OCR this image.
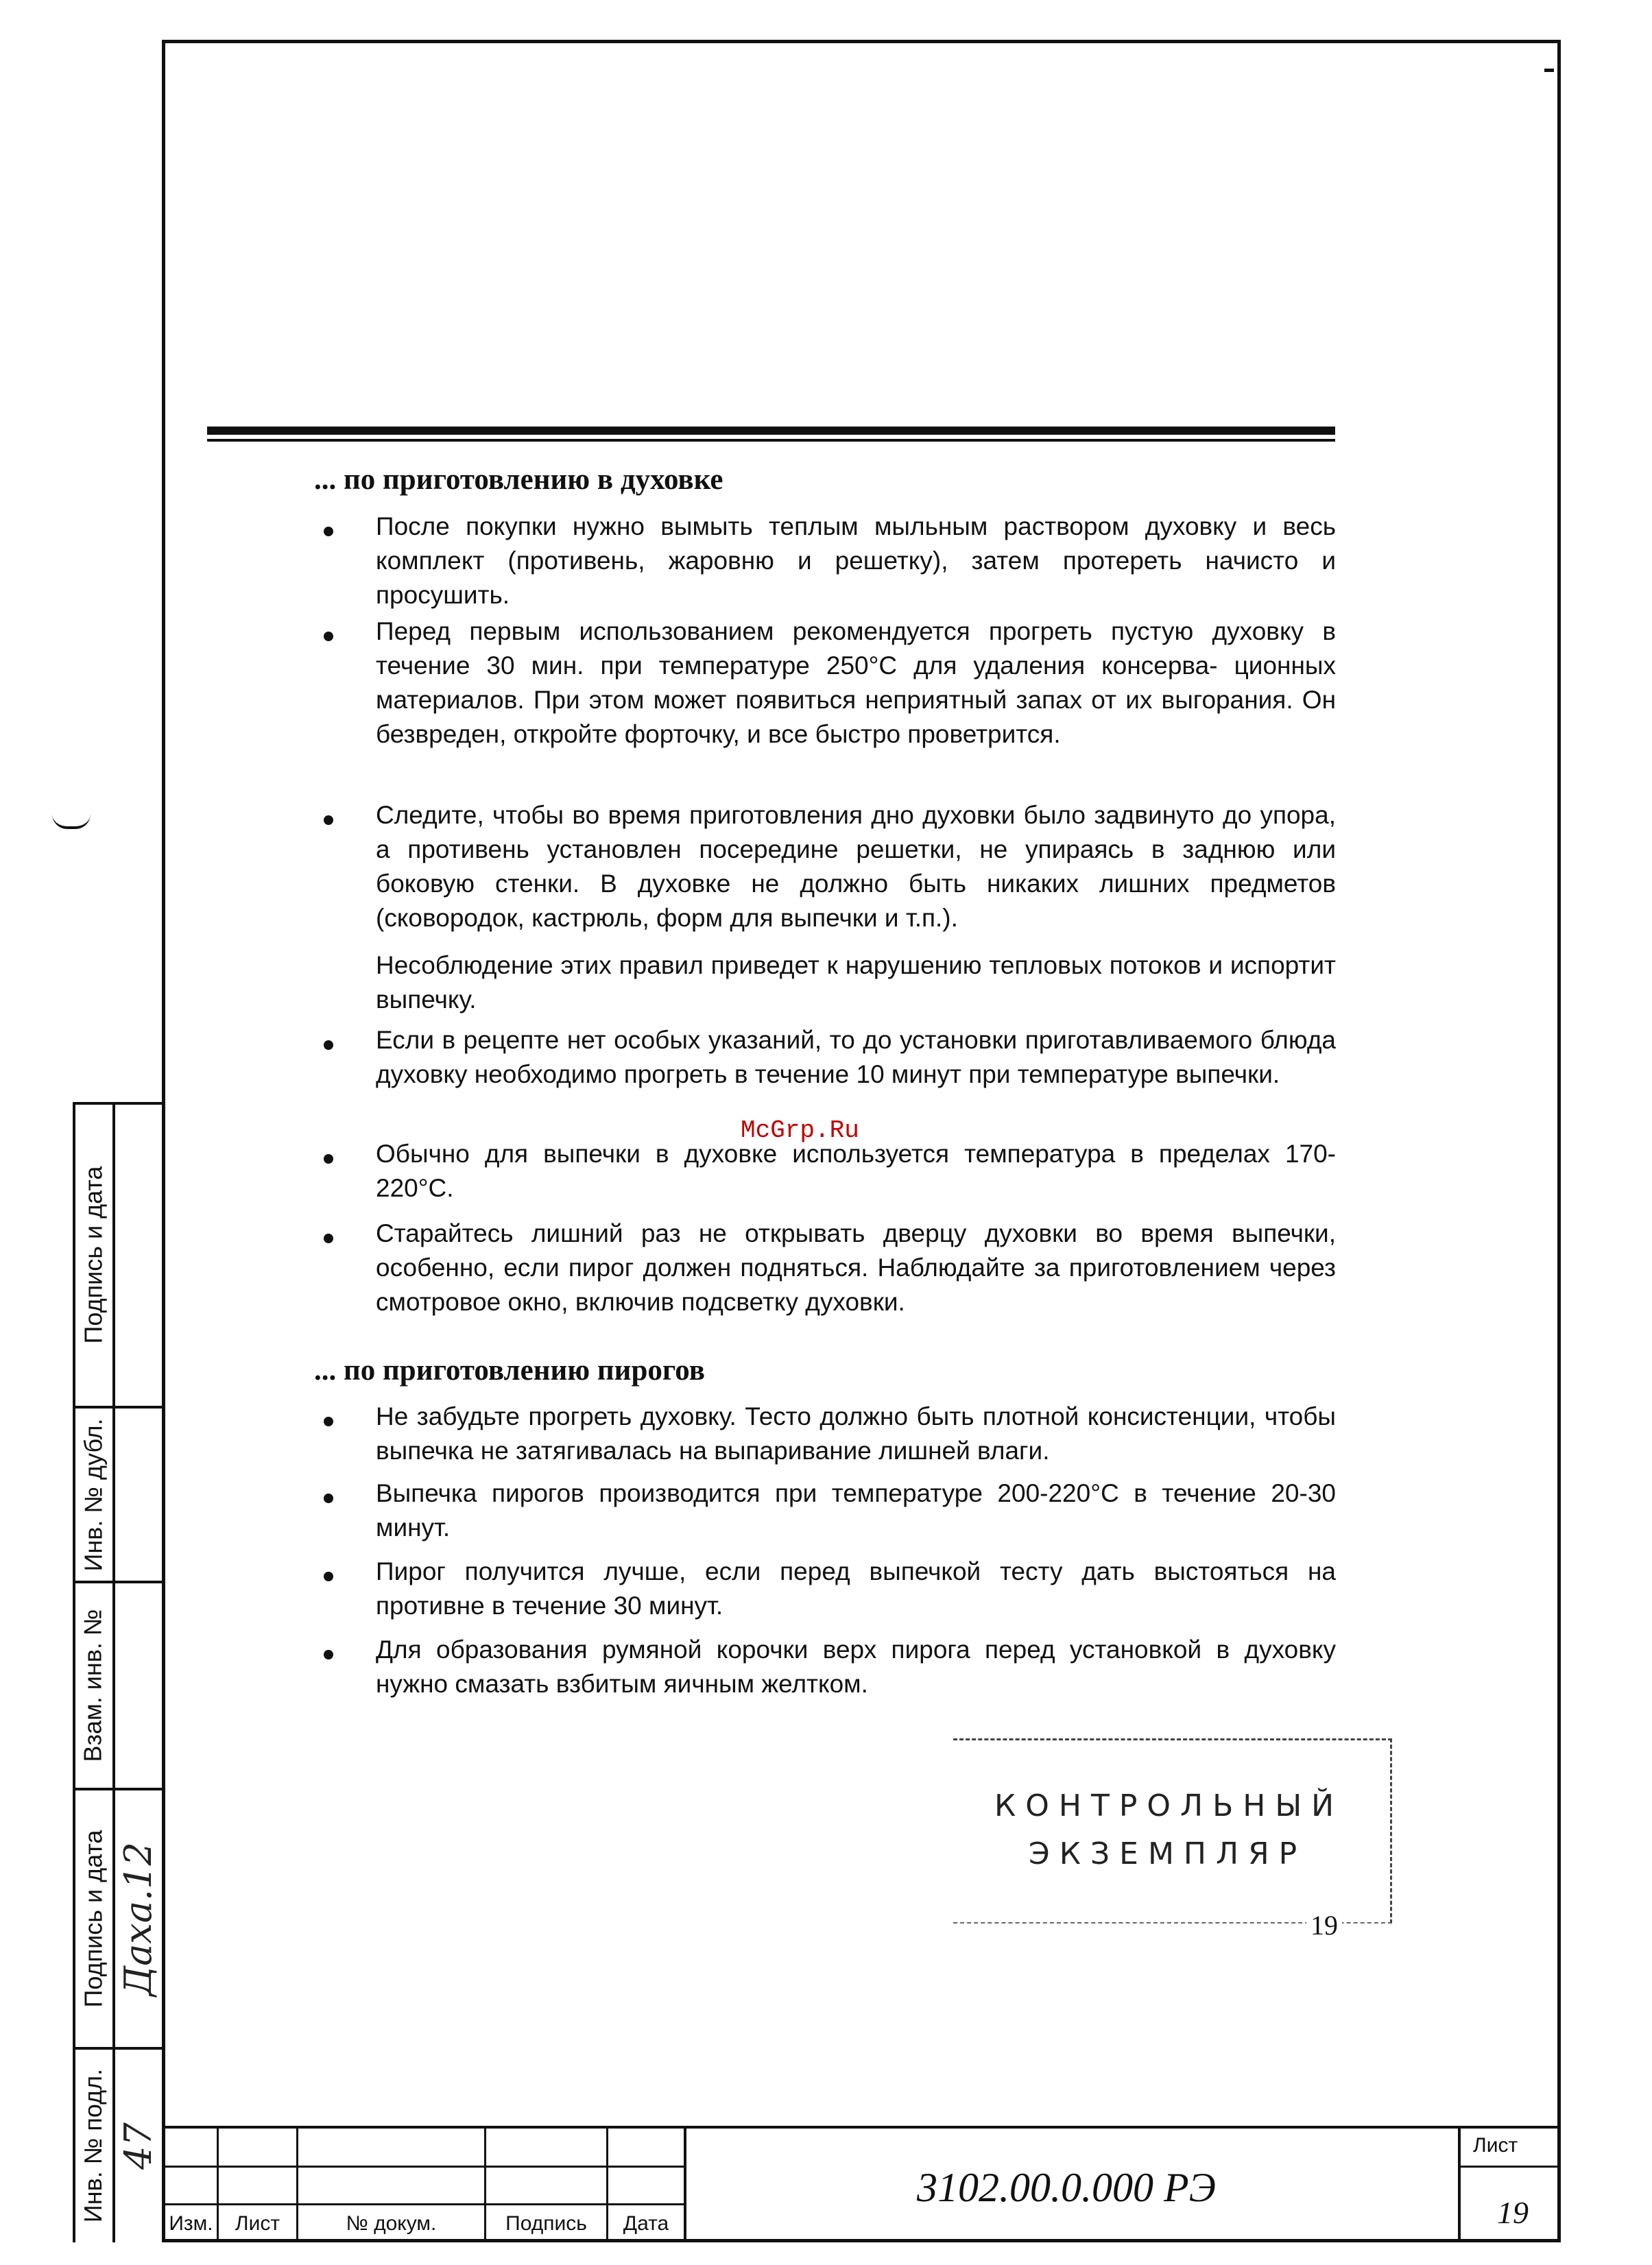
... по приготовлению в духовке

После покупки нужно вымыть теплым мыльным раствором духовку и весь комплект (противень, жаровню и решетку), затем протереть начисто и просушить.

Перед первым использованием рекомендуется прогреть пустую духовку в течение 30 мин. при температуре 250°С для удаления консерва- ционных материалов. При этом может появиться неприятный запах от их выгорания. Он безвреден, откройте форточку, и все быстро проветрится.

Следите, чтобы во время приготовления дно духовки было задвинуто до упора, а противень установлен посередине решетки, не упираясь в заднюю или боковую стенки. В духовке не должно быть никаких лишних предметов (сковородок, кастрюль, форм для выпечки и т.п.).

Несоблюдение этих правил приведет к нарушению тепловых потоков и испортит выпечку.

Если в рецепте нет особых указаний, то до установки приготавливаемого блюда духовку необходимо прогреть в течение 10 минут при температуре выпечки.

Обычно для выпечки в духовке используется температура в пределах 170-220°С.

Старайтесь лишний раз не открывать дверцу духовки во время выпечки, особенно, если пирог должен подняться. Наблюдайте за приготовлением через смотровое окно, включив подсветку духовки.

McGrp.Ru
... по приготовлению пирогов

Не забудьте прогреть духовку. Тесто должно быть плотной консистенции, чтобы выпечка не затягивалась на выпаривание лишней влаги.

Выпечка пирогов производится при температуре 200-220°С в течение 20-30 минут.

Пирог получится лучше, если перед выпечкой тесту дать выстояться на противне в течение 30 минут.

Для образования румяной корочки верх пирога перед установкой в духовку нужно смазать взбитым яичным желтком.

КОНТРОЛЬНЫЙ
ЭКЗЕМПЛЯР
19
Подпись и дата
Инв. № дубл.
Взам. инв. №
Подпись и дата
Инв. № подл.
Даха.12
47
Изм.	Лист	№ докум.	Подпись	Дата
3102.00.0.000 РЭ
Лист
19
